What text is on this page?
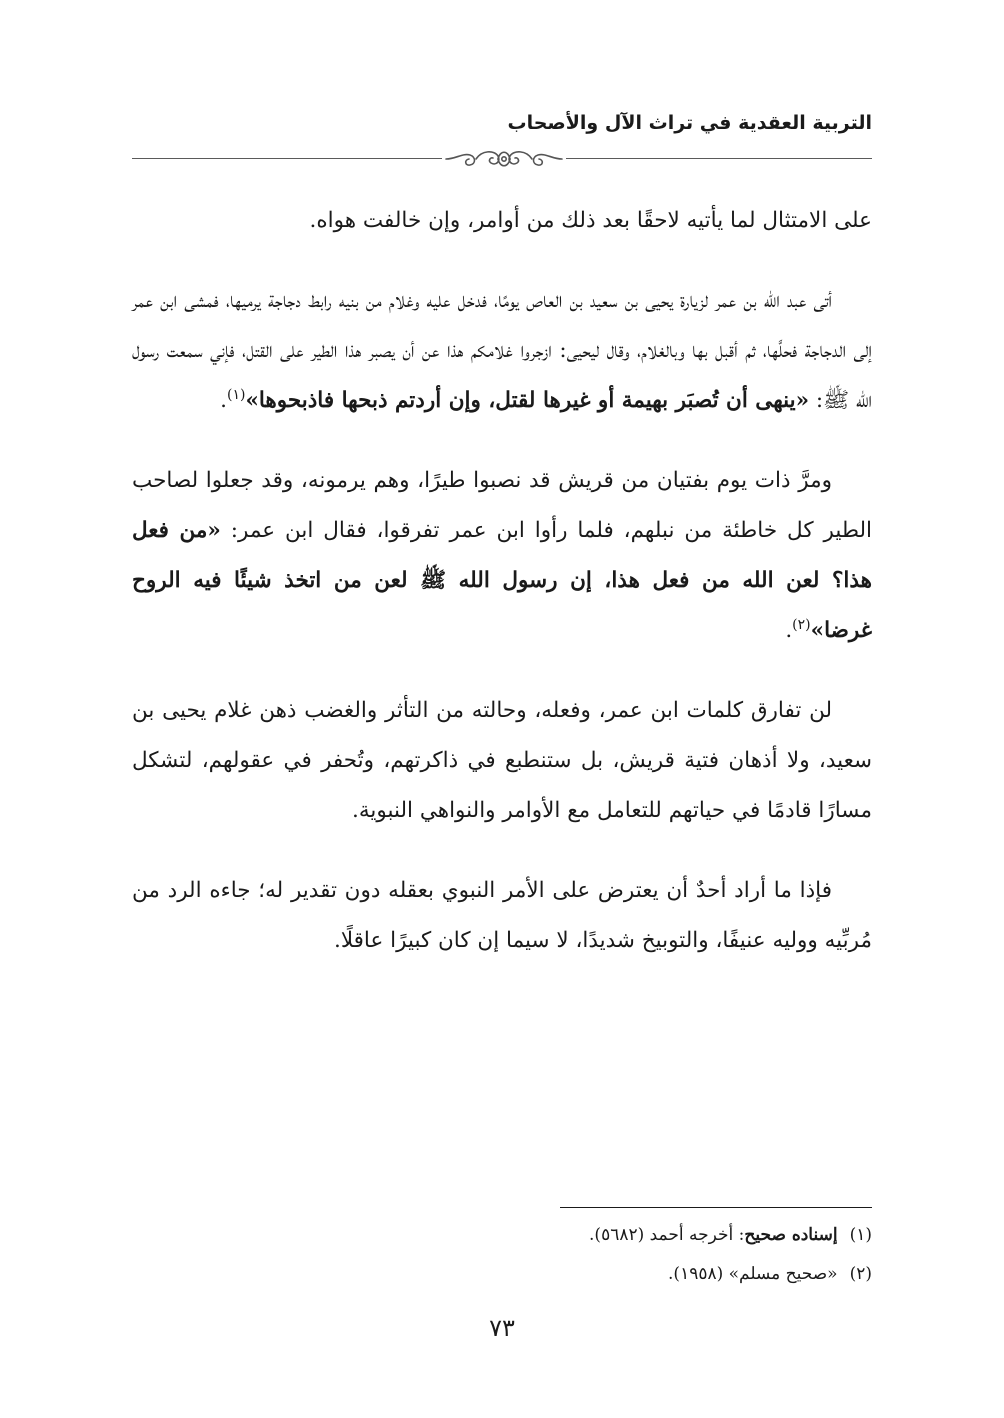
التربية العقدية في تراث الآل والأصحاب

على الامتثال لما يأتيه لاحقًا بعد ذلك من أوامر، وإن خالفت هواه.

أتى عبد الله بن عمر لزيارة يحيى بن سعيد بن العاص يومًا، فدخل عليه وغلام من بنيه رابط دجاجة يرميها، فمشى ابن عمر إلى الدجاجة فحلَّها، ثم أقبل بها وبالغلام، وقال ليحيى: ازجروا غلامكم هذا عن أن يصبر هذا الطير على القتل، فإني سمعت رسول الله ﷺ: «ينهى أن تُصبَر بهيمة أو غيرها لقتل، وإن أردتم ذبحها فاذبحوها»$^{(١)}$.

ومرَّ ذات يوم بفتيان من قريش قد نصبوا طيرًا، وهم يرمونه، وقد جعلوا لصاحب الطير كل خاطئة من نبلهم، فلما رأوا ابن عمر تفرقوا، فقال ابن عمر: «من فعل هذا؟ لعن الله من فعل هذا، إن رسول الله ﷺ لعن من اتخذ شيئًا فيه الروح غرضا»$^{(٢)}$.

لن تفارق كلمات ابن عمر، وفعله، وحالته من التأثر والغضب ذهن غلام يحيى بن سعيد، ولا أذهان فتية قريش، بل ستنطبع في ذاكرتهم، وتُحفر في عقولهم، لتشكل مسارًا قادمًا في حياتهم للتعامل مع الأوامر والنواهي النبوية.

فإذا ما أراد أحدٌ أن يعترض على الأمر النبوي بعقله دون تقدير له؛ جاءه الرد من مُربِّيه ووليه عنيفًا، والتوبيخ شديدًا، لا سيما إن كان كبيرًا عاقلًا.

(١)إسناده صحيح: أخرجه أحمد (٥٦٨٢).

(٢)«صحيح مسلم» (١٩٥٨).

٧٣
